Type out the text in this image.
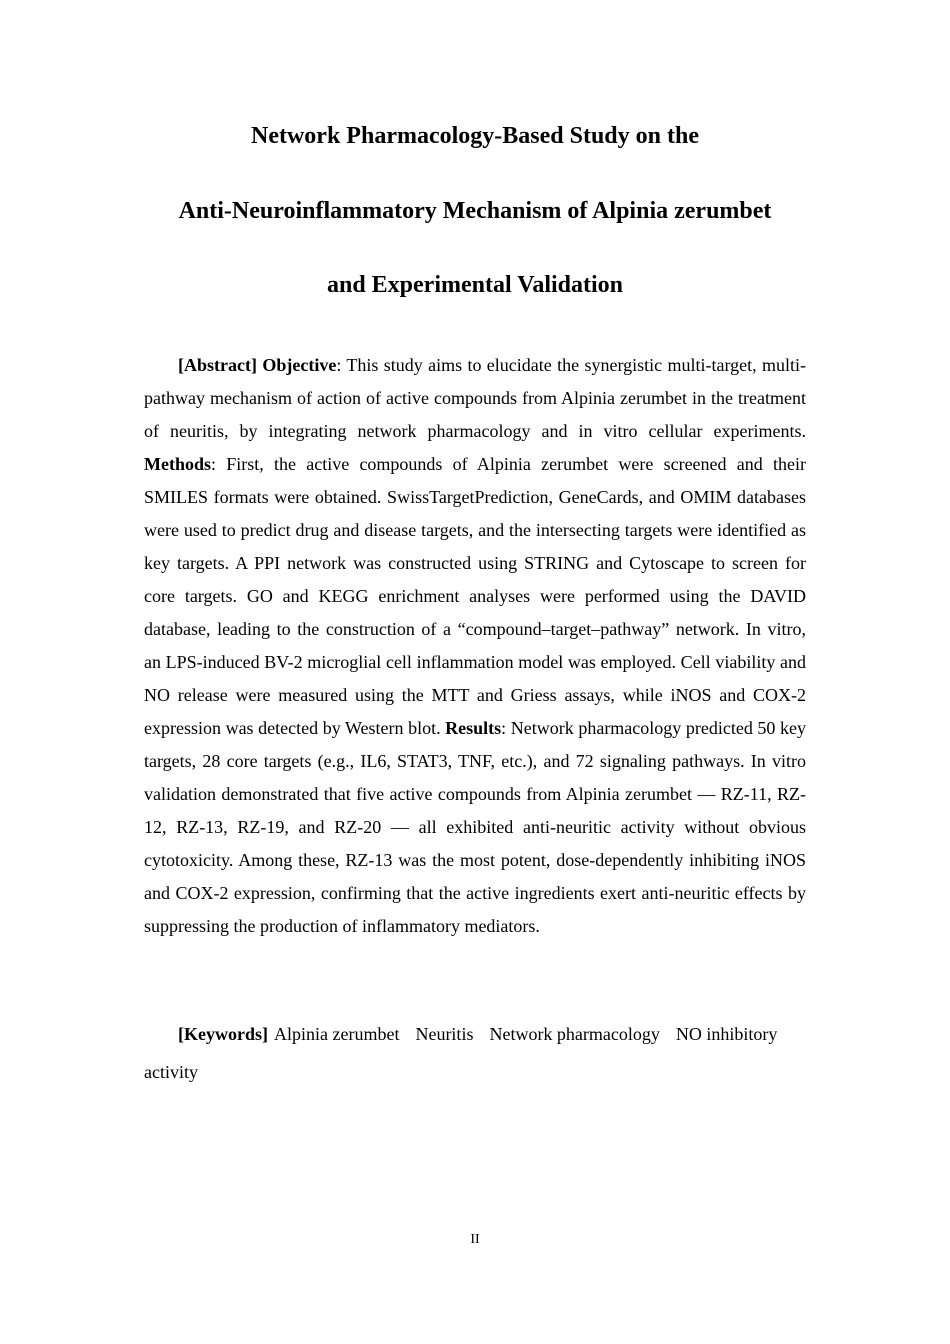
Network Pharmacology-Based Study on the
Anti-Neuroinflammatory Mechanism of Alpinia zerumbet
and Experimental Validation

[Abstract] Objective: This study aims to elucidate the synergistic multi-target, multi-pathway mechanism of action of active compounds from Alpinia zerumbet in the treatment of neuritis, by integrating network pharmacology and in vitro cellular experiments. Methods: First, the active compounds of Alpinia zerumbet were screened and their SMILES formats were obtained. SwissTargetPrediction, GeneCards, and OMIM databases were used to predict drug and disease targets, and the intersecting targets were identified as key targets. A PPI network was constructed using STRING and Cytoscape to screen for core targets. GO and KEGG enrichment analyses were performed using the DAVID database, leading to the construction of a “compound–target–pathway” network. In vitro, an LPS-induced BV-2 microglial cell inflammation model was employed. Cell viability and NO release were measured using the MTT and Griess assays, while iNOS and COX-2 expression was detected by Western blot. Results: Network pharmacology predicted 50 key targets, 28 core targets (e.g., IL6, STAT3, TNF, etc.), and 72 signaling pathways. In vitro validation demonstrated that five active compounds from Alpinia zerumbet — RZ-11, RZ-12, RZ-13, RZ-19, and RZ-20 — all exhibited anti-neuritic activity without obvious cytotoxicity. Among these, RZ-13 was the most potent, dose-dependently inhibiting iNOS and COX-2 expression, confirming that the active ingredients exert anti-neuritic effects by suppressing the production of inflammatory mediators.

[Keywords] Alpinia zerumbet Neuritis Network pharmacology NO inhibitory activity

II
